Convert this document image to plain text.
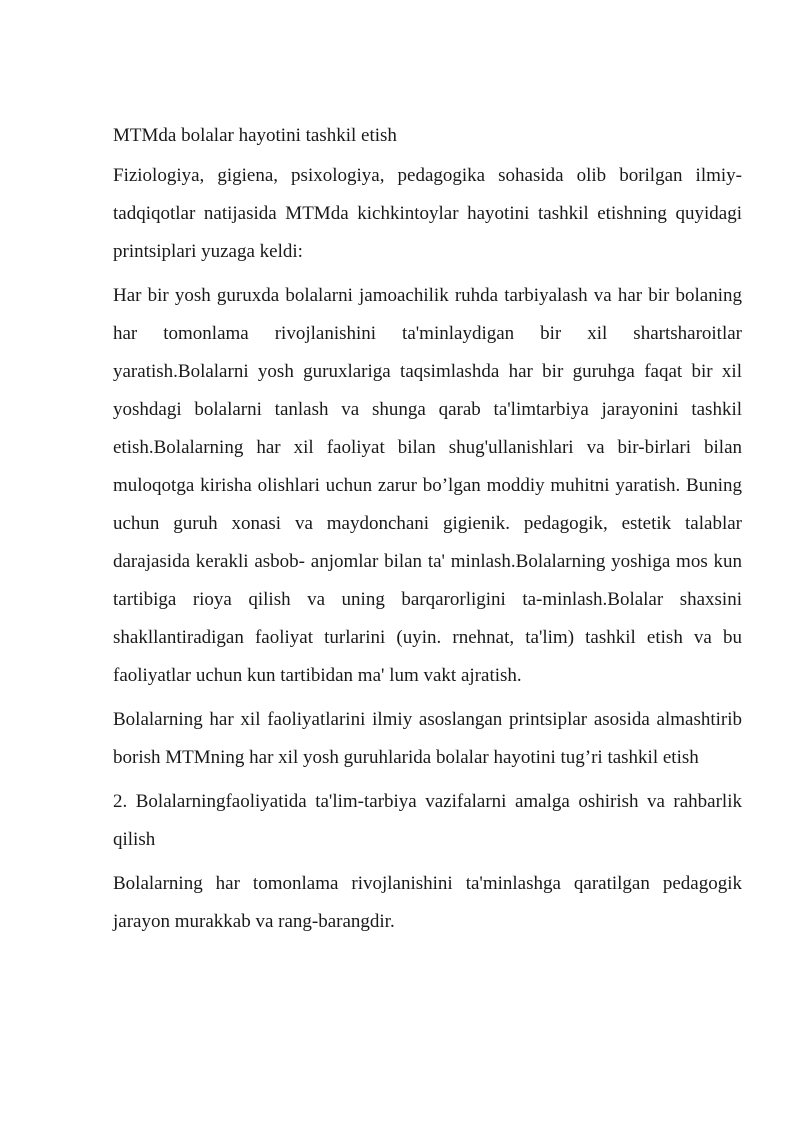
MTMda bolalar hayotini tashkil etish

Fiziologiya, gigiena, psixologiya, pedagogika sohasida olib borilgan ilmiy- tadqiqotlar natijasida MTMda kichkintoylar hayotini tashkil etishning quyidagi printsiplari yuzaga keldi:

Har bir yosh guruxda bolalarni jamoachilik ruhda tarbiyalash va har bir bolaning har tomonlama rivojlanishini ta'minlaydigan bir xil shartsharoitlar yaratish.Bolalarni yosh guruxlariga taqsimlashda har bir guruhga faqat bir xil yoshdagi bolalarni tanlash va shunga qarab ta'limtarbiya jarayonini tashkil etish.Bolalarning har xil faoliyat bilan shug'ullanishlari va bir-birlari bilan muloqotga kirisha olishlari uchun zarur bo’lgan moddiy muhitni yaratish. Buning uchun guruh xonasi va maydonchani gigienik. pedagogik, estetik talablar darajasida kerakli asbob- anjomlar bilan ta' minlash.Bolalarning yoshiga mos kun tartibiga rioya qilish va uning barqarorligini ta-minlash.Bolalar shaxsini shakllantiradigan faoliyat turlarini (uyin. rnehnat, ta'lim) tashkil etish va bu faoliyatlar uchun kun tartibidan ma' lum vakt ajratish.

Bolalarning har xil faoliyatlarini ilmiy asoslangan printsiplar asosida almashtirib borish MTMning har xil yosh guruhlarida bolalar hayotini tug’ri tashkil etish

2. Bolalarningfaoliyatida ta'lim-tarbiya vazifalarni amalga oshirish va rahbarlik qilish

Bolalarning har tomonlama rivojlanishini ta'minlashga qaratilgan pedagogik jarayon murakkab va rang-barangdir.
